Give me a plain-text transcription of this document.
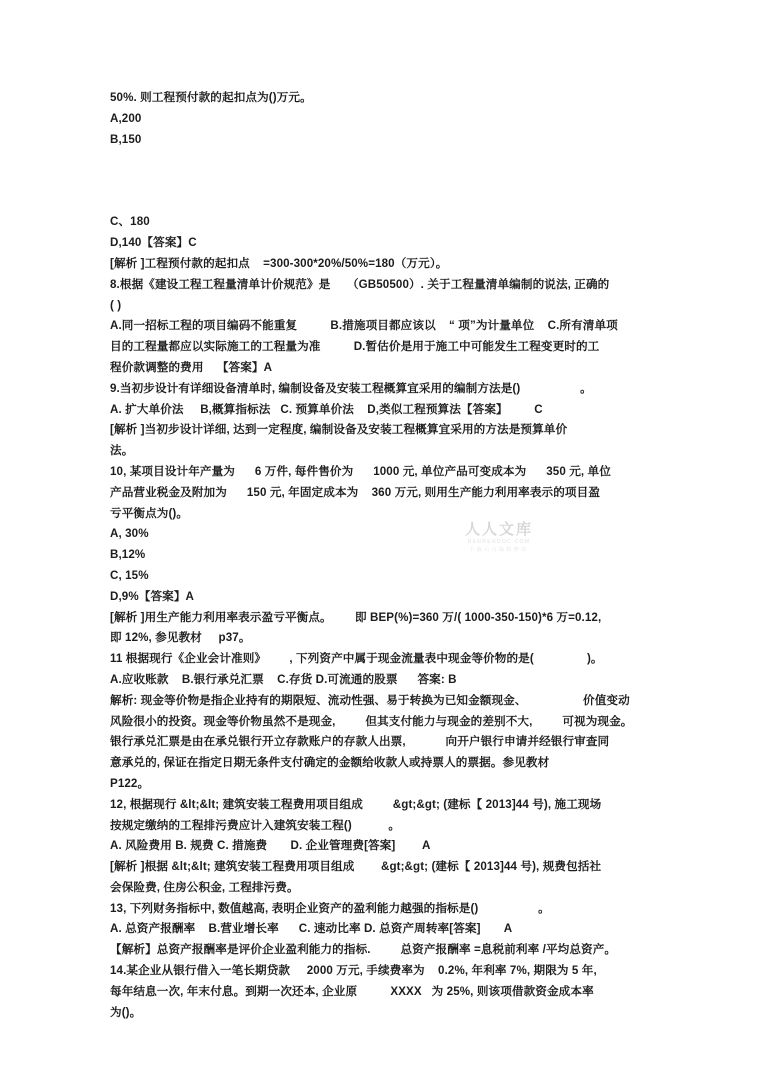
50%. 则工程预付款的起扣点为()万元。
A,200
B,150
C、180
D,140【答案】C
[解析 ]工程预付款的起扣点    =300-300*20%/50%=180（万元）。
8.根据《建设工程工程量清单计价规范》是     （GB50500）. 关于工程量清单编制的说法, 正确的
( )
A.同一招标工程的项目编码不能重复          B.措施项目都应该以    “ 项”为计量单位    C.所有清单项
目的工程量都应以实际施工的工程量为准          D.暂估价是用于施工中可能发生工程变更时的工
程价款调整的费用    【答案】A
9.当初步设计有详细设备清单时, 编制设备及安装工程概算宜采用的编制方法是()                  。
A. 扩大单价法     B,概算指标法   C. 预算单价法    D,类似工程预算法【答案】        C
[解析 ]当初步设计详细, 达到一定程度, 编制设备及安装工程概算宜采用的方法是预算单价
法。
10, 某项目设计年产量为      6 万件, 每件售价为      1000 元, 单位产品可变成本为      350 元, 单位
产品营业税金及附加为      150 元, 年固定成本为    360 万元, 则用生产能力利用率表示的项目盈
亏平衡点为()。
A, 30%
B,12%
C, 15%
D,9%【答案】A
[解析 ]用生产能力利用率表示盈亏平衡点。       即 BEP(%)=360 万/( 1000-350-150)*6 万=0.12,
即 12%, 参见教材     p37。
11 根据现行《企业会计准则》       , 下列资产中属于现金流量表中现金等价物的是(                )。
A.应收账款    B.银行承兑汇票    C.存货 D.可流通的股票      答案: B
解析: 现金等价物是指企业持有的期限短、流动性强、易于转换为已知金额现金、                 价值变动
风险很小的投资。现金等价物虽然不是现金,         但其支付能力与现金的差别不大,         可视为现金。
银行承兑汇票是由在承兑银行开立存款账户的存款人出票,            向开户银行申请并经银行审查同
意承兑的, 保证在指定日期无条件支付确定的金额给收款人或持票人的票据。参见教材
P122。
12, 根据现行 &lt;&lt; 建筑安装工程费用项目组成         &gt;&gt; (建标【 2013]44 号), 施工现场
按规定缴纳的工程排污费应计入建筑安装工程()           。
A. 风险费用 B. 规费 C. 措施费       D. 企业管理费[答案]        A
[解析 ]根据 &lt;&lt; 建筑安装工程费用项目组成        &gt;&gt; (建标【 2013]44 号), 规费包括社
会保险费, 住房公积金, 工程排污费。
13, 下列财务指标中, 数值越高, 表明企业资产的盈利能力越强的指标是()                  。
A. 总资产报酬率    B.营业增长率      C. 速动比率 D. 总资产周转率[答案]       A
【解析】总资产报酬率是评价企业盈利能力的指标.         总资产报酬率 =息税前利率 /平均总资产。
14.某企业从银行借入一笔长期贷款     2000 万元, 手续费率为    0.2%, 年利率 7%, 期限为 5 年,
每年结息一次, 年末付息。到期一次还本, 企业原          XXXX   为 25%, 则该项借款资金成本率
为()。
人人文库
RENRENDOC.COM
下载后可编辑修改
